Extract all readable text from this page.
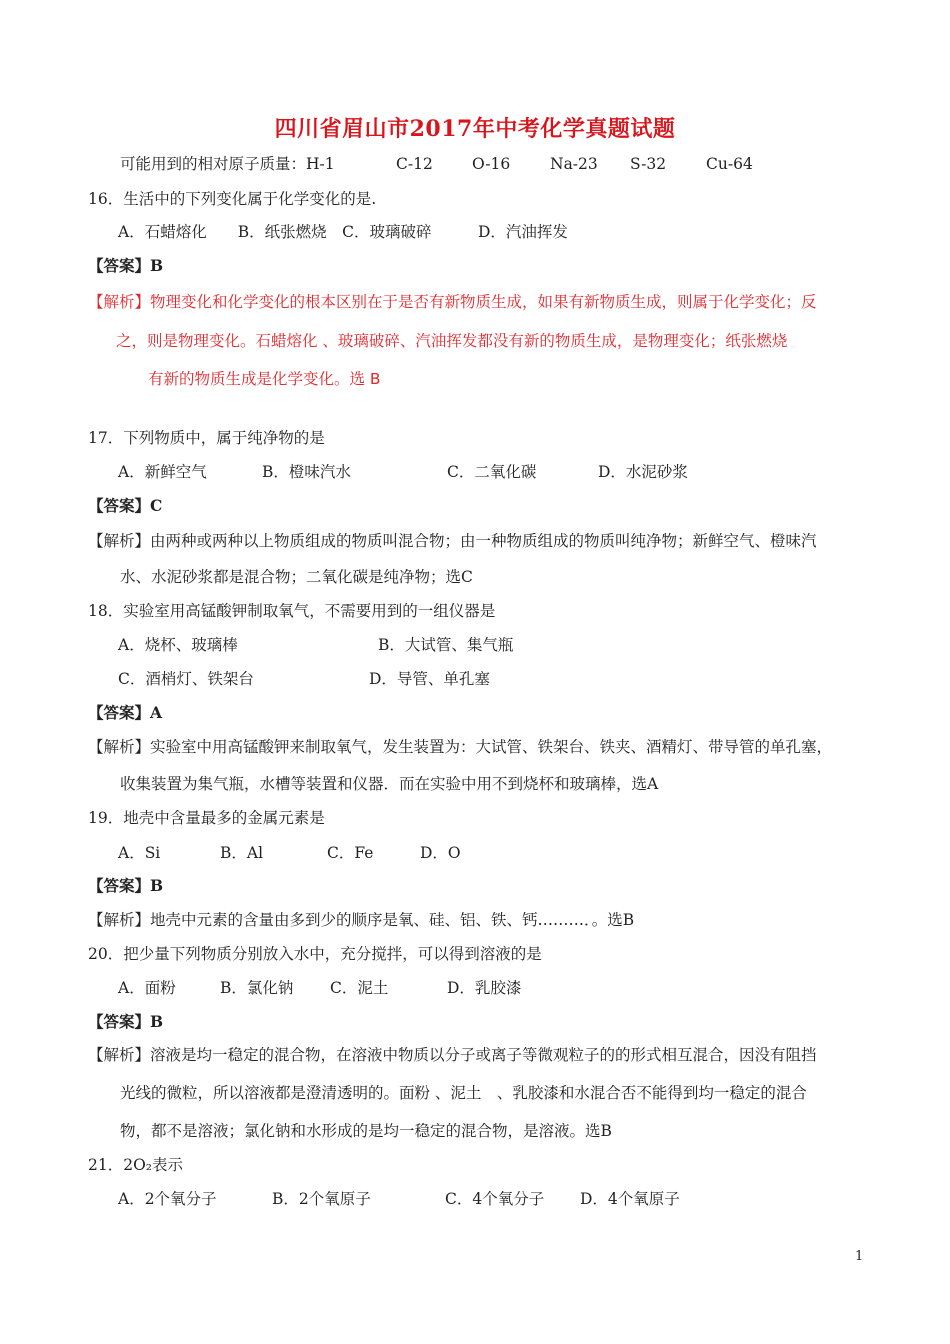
四川省眉山市2017年中考化学真题试题
可能用到的相对原子质量：H-1	C-12	O-16	Na-23 S-32	Cu-64
16．生活中的下列变化属于化学变化的是.
A．石蜡熔化　　B．纸张燃烧　C．玻璃破碎　　　D．汽油挥发
【答案】B
【解析】物理变化和化学变化的根本区别在于是否有新物质生成，如果有新物质生成，则属于化学变化；反
之，则是物理变化。石蜡熔化 、玻璃破碎、汽油挥发都没有新的物质生成，是物理变化；纸张燃烧
有新的物质生成是化学变化。选 B
17．下列物质中，属于纯净物的是
A．新鲜空气	B．橙味汽水	C．二氧化碳	D．水泥砂浆
【答案】C
【解析】由两种或两种以上物质组成的物质叫混合物；由一种物质组成的物质叫纯净物；新鲜空气、橙味汽
水、水泥砂浆都是混合物；二氧化碳是纯净物；选C
18．实验室用高锰酸钾制取氧气，不需要用到的一组仪器是
A．烧杯、玻璃棒	B．大试管、集气瓶
C．酒梢灯、铁架台	D．导管、单孔塞
【答案】A
【解析】实验室中用高锰酸钾来制取氧气，发生装置为：大试管、铁架台、铁夹、酒精灯、带导管的单孔塞，
收集装置为集气瓶，水槽等装置和仪器．而在实验中用不到烧杯和玻璃棒，选A
19．地壳中含量最多的金属元素是
A．Si	B．Al	C．Fe	D．O
【答案】B
【解析】地壳中元素的含量由多到少的顺序是氧、硅、铝、铁、钙………．。选B
20．把少量下列物质分别放入水中，充分搅拌，可以得到溶液的是
A．面粉	B．氯化钠 C．泥土	D．乳胶漆
【答案】B
【解析】溶液是均一稳定的混合物，在溶液中物质以分子或离子等微观粒子的的形式相互混合，因没有阻挡
光线的微粒，所以溶液都是澄清透明的。面粉 、泥土　、乳胶漆和水混合否不能得到均一稳定的混合
物，都不是溶液；氯化钠和水形成的是均一稳定的混合物，是溶液。选B
21．2O₂表示
A．2个氧分子	B．2个氧原子	C．4个氧分子 D．4个氧原子
1
